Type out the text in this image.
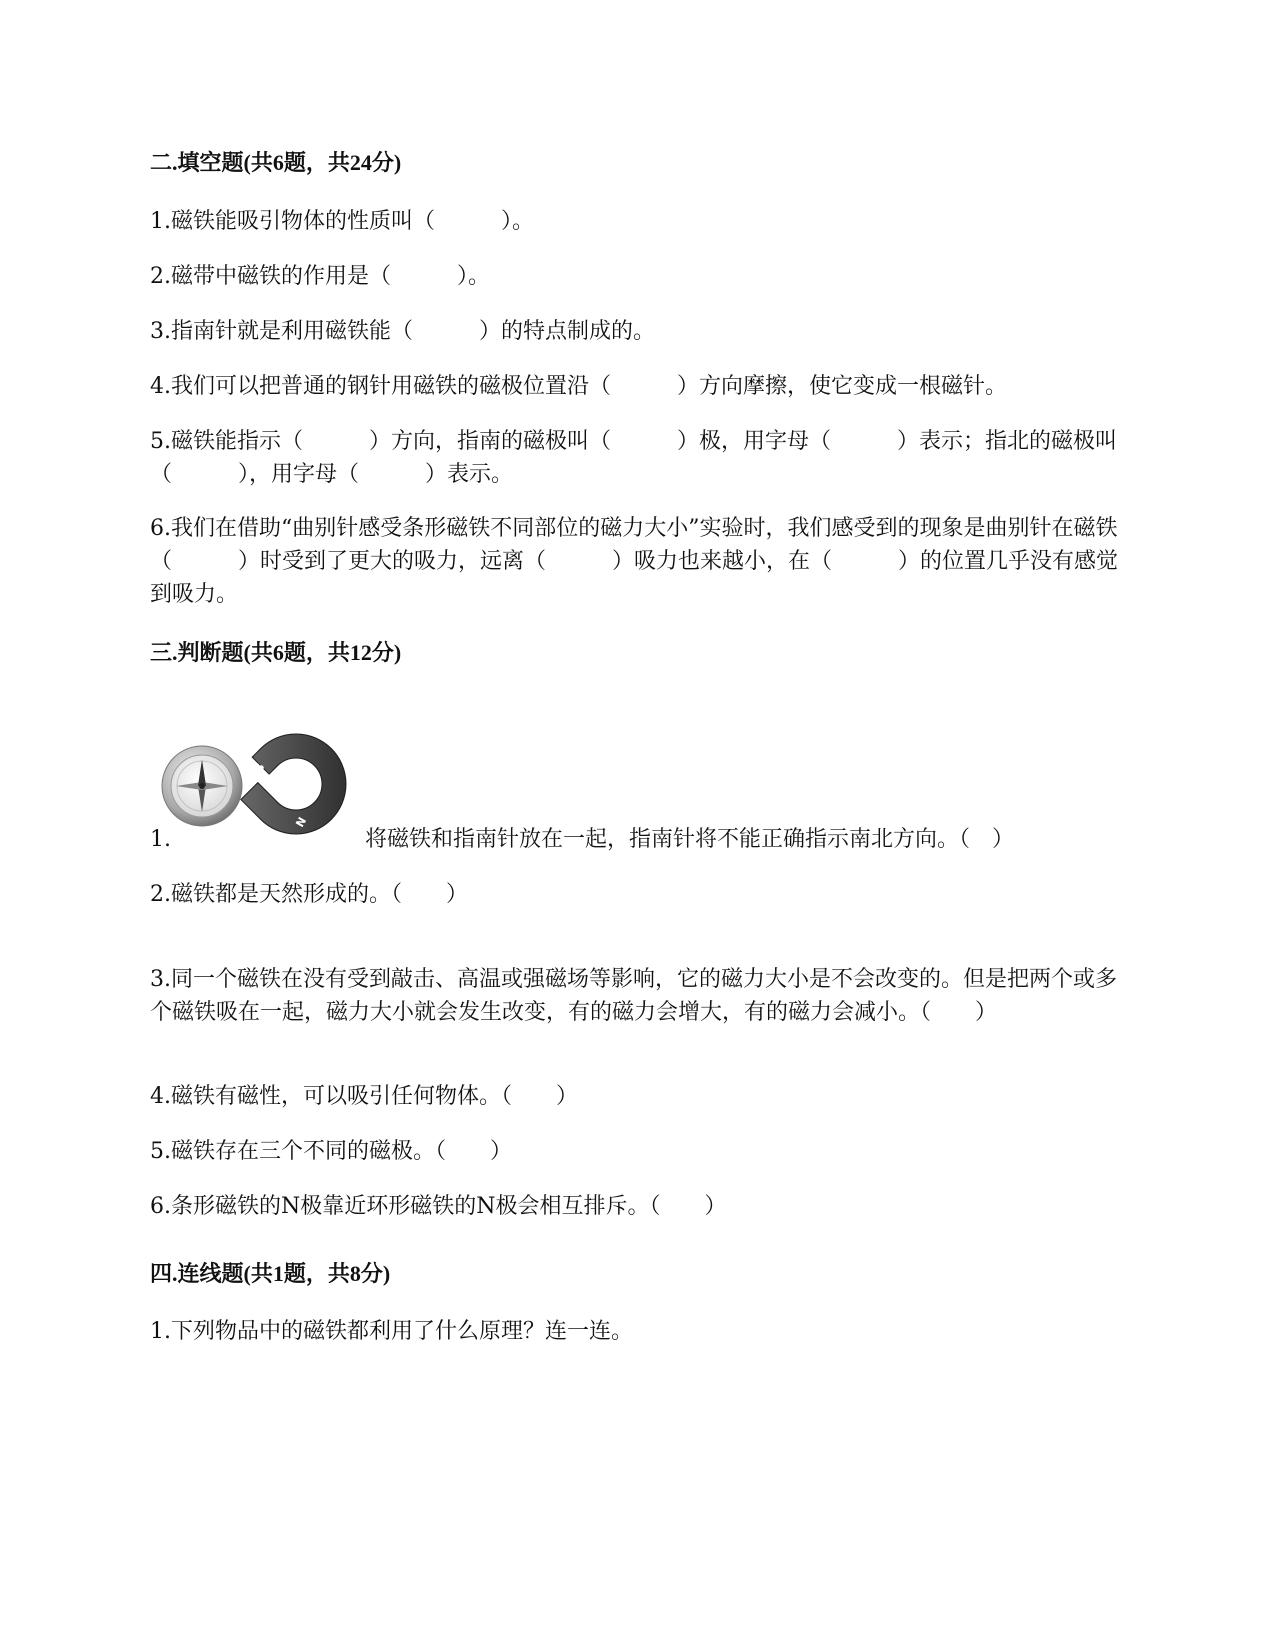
二.填空题(共6题，共24分)
1.磁铁能吸引物体的性质叫（　　　）。
2.磁带中磁铁的作用是（　　　）。
3.指南针就是利用磁铁能（　　　）的特点制成的。
4.我们可以把普通的钢针用磁铁的磁极位置沿（　　　）方向摩擦，使它变成一根磁针。
5.磁铁能指示（　　　）方向，指南的磁极叫（　　　）极，用字母（　　　）表示；指北的磁极叫（　　　），用字母（　　　）表示。
6.我们在借助“曲别针感受条形磁铁不同部位的磁力大小”实验时，我们感受到的现象是曲别针在磁铁（　　　）时受到了更大的吸力，远离（　　　）吸力也来越小，在（　　　）的位置几乎没有感觉到吸力。
三.判断题(共6题，共12分)
1.
S
N
将磁铁和指南针放在一起，指南针将不能正确指示南北方向。（　）
2.磁铁都是天然形成的。（　　）
3.同一个磁铁在没有受到敲击、高温或强磁场等影响，它的磁力大小是不会改变的。但是把两个或多个磁铁吸在一起，磁力大小就会发生改变，有的磁力会增大，有的磁力会减小。（　　）
4.磁铁有磁性，可以吸引任何物体。（　　）
5.磁铁存在三个不同的磁极。（　　）
6.条形磁铁的N极靠近环形磁铁的N极会相互排斥。（　　）
四.连线题(共1题，共8分)
1.下列物品中的磁铁都利用了什么原理？连一连。
